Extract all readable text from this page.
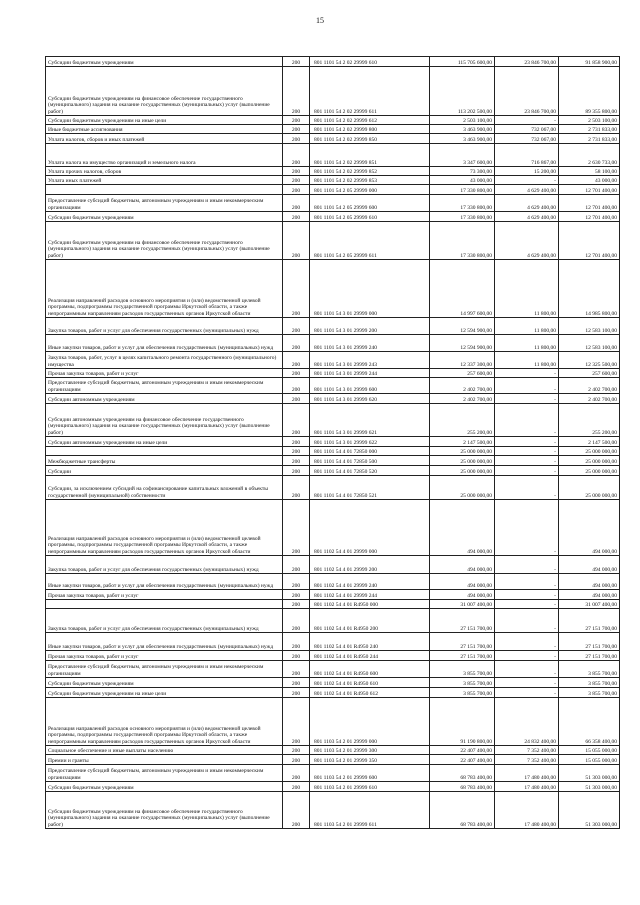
15
Субсидии бюджетным учреждениям	200	801 1101 54 2 02 29999 610	115 705 600,00	23 846 700,00	91 858 900,00
Субсидии бюджетным учреждениям на финансовое обеспечение государственного (муниципального) задания на оказание государственных (муниципальных) услуг (выполнение работ)	200	801 1101 54 2 02 29999 611	113 202 500,00	23 846 700,00	89 355 800,00
Субсидии бюджетным учреждениям на иные цели	200	801 1101 54 2 02 29999 612	2 503 100,00	-	2 503 100,00
Иные бюджетные ассигнования	200	801 1101 54 2 02 29999 800	3 463 900,00	732 067,00	2 731 833,00
Уплата налогов, сборов и иных платежей	200	801 1101 54 2 02 29999 850	3 463 900,00	732 067,00	2 731 833,00
Уплата налога на имущество организаций и земельного налога	200	801 1101 54 2 02 29999 851	3 347 600,00	716 867,00	2 630 733,00
Уплата прочих налогов, сборов	200	801 1101 54 2 02 29999 852	73 300,00	15 200,00	58 100,00
Уплата иных платежей	200	801 1101 54 2 02 29999 853	43 000,00	-	43 000,00
	200	801 1101 54 2 05 29999 000	17 330 800,00	4 629 400,00	12 701 400,00
Предоставление субсидий бюджетным, автономным учреждениям и иным некоммерческим организациям	200	801 1101 54 2 05 29999 600	17 330 800,00	4 629 400,00	12 701 400,00
Субсидии бюджетным учреждениям	200	801 1101 54 2 05 29999 610	17 330 800,00	4 629 400,00	12 701 400,00
Субсидии бюджетным учреждениям на финансовое обеспечение государственного (муниципального) задания на оказание государственных (муниципальных) услуг (выполнение работ)	200	801 1101 54 2 05 29999 611	17 330 800,00	4 629 400,00	12 701 400,00
Реализация направлений расходов основного мероприятия и (или) ведомственной целевой программы, подпрограммы государственной программы Иркутской области, а также непрограммным направлениям расходов государственных органов Иркутской области	200	801 1101 54 3 01 29999 000	14 997 600,00	11 800,00	14 985 800,00
Закупка товаров, работ и услуг для обеспечения государственных (муниципальных) нужд	200	801 1101 54 3 01 29999 200	12 594 900,00	11 800,00	12 583 100,00
Иные закупки товаров, работ и услуг для обеспечения государственных (муниципальных) нужд	200	801 1101 54 3 01 29999 240	12 594 900,00	11 800,00	12 583 100,00
Закупка товаров, работ, услуг в целях капитального ремонта государственного (муниципального) имущества	200	801 1101 54 3 01 29999 243	12 337 300,00	11 800,00	12 325 500,00
Прочая закупка товаров, работ и услуг	200	801 1101 54 3 01 29999 244	257 600,00	-	257 600,00
Предоставление субсидий бюджетным, автономным учреждениям и иным некоммерческим организациям	200	801 1101 54 3 01 29999 600	2 402 700,00	-	2 402 700,00
Субсидии автономным учреждениям	200	801 1101 54 3 01 29999 620	2 402 700,00	-	2 402 700,00
Субсидии автономным учреждениям на финансовое обеспечение государственного (муниципального) задания на оказание государственных (муниципальных) услуг (выполнение работ)	200	801 1101 54 3 01 29999 621	255 200,00	-	255 200,00
Субсидии автономным учреждениям на иные цели	200	801 1101 54 3 01 29999 622	2 147 500,00	-	2 147 500,00
	200	801 1101 54 4 01 72850 000	25 000 000,00	-	25 000 000,00
Межбюджетные трансферты	200	801 1101 54 4 01 72850 500	25 000 000,00	-	25 000 000,00
Субсидии	200	801 1101 54 4 01 72850 520	25 000 000,00	-	25 000 000,00
Субсидии, за исключением субсидий на софинансирование капитальных вложений в объекты государственной (муниципальной) собственности	200	801 1101 54 4 01 72850 521	25 000 000,00	-	25 000 000,00
Реализация направлений расходов основного мероприятия и (или) ведомственной целевой программы, подпрограммы государственной программы Иркутской области, а также непрограммным направлениям расходов государственных органов Иркутской области	200	801 1102 54 4 01 29999 000	494 000,00	-	494 000,00
Закупка товаров, работ и услуг для обеспечения государственных (муниципальных) нужд	200	801 1102 54 4 01 29999 200	494 000,00	-	494 000,00
Иные закупки товаров, работ и услуг для обеспечения государственных (муниципальных) нужд	200	801 1102 54 4 01 29999 240	494 000,00	-	494 000,00
Прочая закупка товаров, работ и услуг	200	801 1102 54 4 01 29999 244	494 000,00	-	494 000,00
	200	801 1102 54 4 01 R4950 000	31 007 400,00	-	31 007 400,00
Закупка товаров, работ и услуг для обеспечения государственных (муниципальных) нужд	200	801 1102 54 4 01 R4950 200	27 151 700,00	-	27 151 700,00
Иные закупки товаров, работ и услуг для обеспечения государственных (муниципальных) нужд	200	801 1102 54 4 01 R4950 240	27 151 700,00	-	27 151 700,00
Прочая закупка товаров, работ и услуг	200	801 1102 54 4 01 R4950 244	27 151 700,00	-	27 151 700,00
Предоставление субсидий бюджетным, автономным учреждениям и иным некоммерческим организациям	200	801 1102 54 4 01 R4950 600	3 855 700,00	-	3 855 700,00
Субсидии бюджетным учреждениям	200	801 1102 54 4 01 R4950 610	3 855 700,00	-	3 855 700,00
Субсидии бюджетным учреждениям на иные цели	200	801 1102 54 4 01 R4950 612	3 855 700,00	-	3 855 700,00
Реализация направлений расходов основного мероприятия и (или) ведомственной целевой программы, подпрограммы государственной программы Иркутской области, а также непрограммным направлениям расходов государственных органов Иркутской области	200	801 1103 54 2 01 29999 000	91 190 800,00	24 832 400,00	66 358 400,00
Социальное обеспечение и иные выплаты населению	200	801 1103 54 2 01 29999 300	22 407 400,00	7 352 400,00	15 055 000,00
Премии и гранты	200	801 1103 54 2 01 29999 350	22 407 400,00	7 352 400,00	15 055 000,00
Предоставление субсидий бюджетным, автономным учреждениям и иным некоммерческим организациям	200	801 1103 54 2 01 29999 600	68 783 400,00	17 480 400,00	51 303 000,00
Субсидии бюджетным учреждениям	200	801 1103 54 2 01 29999 610	68 783 400,00	17 480 400,00	51 303 000,00
Субсидии бюджетным учреждениям на финансовое обеспечение государственного (муниципального) задания на оказание государственных (муниципальных) услуг (выполнение работ)	200	801 1103 54 2 01 29999 611	68 783 400,00	17 480 400,00	51 303 000,00
